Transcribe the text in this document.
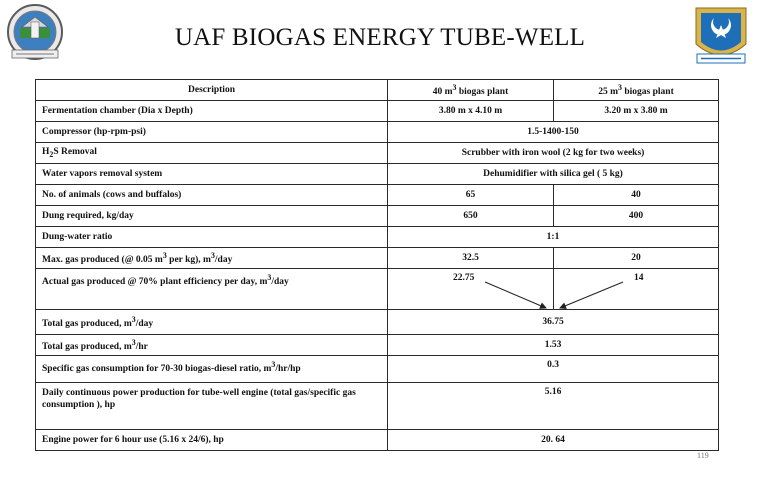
UAF BIOGAS ENERGY TUBE-WELL
Description	40 $m^3$ biogas plant	25 $m^3$ biogas plant
Fermentation chamber (Dia x Depth)	3.80 m x 4.10 m	3.20 m x 3.80 m
Compressor (hp-rpm-psi)	1.5-1400-150	
$H_2S$ Removal	Scrubber with iron wool (2 kg for two weeks)	
Water vapors removal system	Dehumidifier with silica gel ( 5 kg)	
No. of animals (cows and buffalos)	65	40
Dung required, kg/day	650	400
Dung-water ratio	1:1	
Max. gas produced (@ 0.05 $m^3$ per kg), $m^3$/day	32.5	20
Actual gas produced @ 70% plant efficiency per day, $m^3$/day	22.75	14
Total gas produced, $m^3$/day	36.75	
Total gas produced, $m^3/hr$	1.53	
Specific gas consumption for 70-30 biogas-diesel ratio, $m^3/hr/hp$	0.3	
Daily continuous power production for tube-well engine (total gas/specific gas consumption ), hp	5.16	
Engine power for 6 hour use (5.16 x 24/6), hp	20. 64	
119
